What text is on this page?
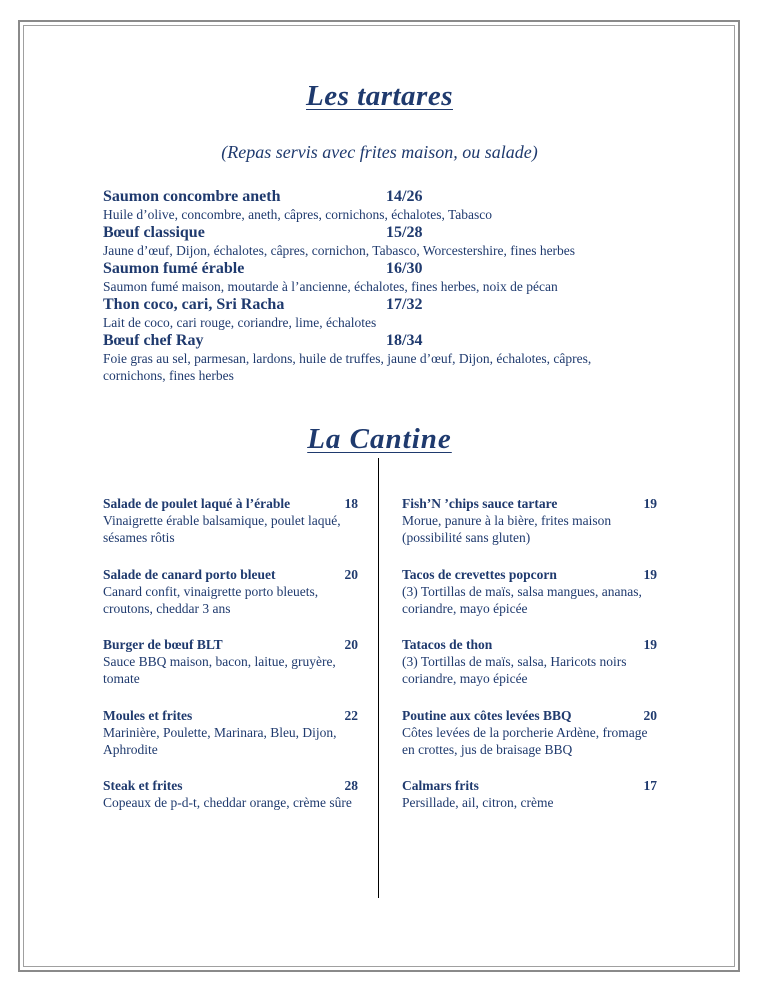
Les tartares
(Repas servis avec frites maison, ou salade)
Saumon concombre aneth	14/26
Huile d’olive, concombre, aneth, câpres, cornichons, échalotes, Tabasco
Bœuf classique	15/28
Jaune d’œuf, Dijon, échalotes, câpres, cornichon, Tabasco, Worcestershire, fines herbes
Saumon fumé érable	16/30
Saumon fumé maison, moutarde à l’ancienne, échalotes, fines herbes, noix de pécan
Thon coco, cari, Sri Racha	17/32
Lait de coco, cari rouge, coriandre, lime, échalotes
Bœuf chef Ray	18/34
Foie gras au sel, parmesan, lardons, huile de truffes, jaune d’œuf, Dijon, échalotes, câpres, cornichons, fines herbes
La Cantine
Salade de poulet laqué à l’érable	18
Vinaigrette érable balsamique, poulet laqué, sésames rôtis
Salade de canard porto bleuet	20
Canard confit, vinaigrette porto bleuets, croutons, cheddar 3 ans
Burger de bœuf BLT	20
Sauce BBQ maison, bacon, laitue, gruyère, tomate
Moules et frites	22
Marinière, Poulette, Marinara, Bleu, Dijon, Aphrodite
Steak et frites	28
Copeaux de p-d-t, cheddar orange, crème sûre
Fish’N ’chips sauce tartare	19
Morue, panure à la bière, frites maison (possibilité sans gluten)
Tacos de crevettes popcorn	19
(3) Tortillas de maïs, salsa mangues, ananas, coriandre, mayo épicée
Tatacos de thon	19
(3) Tortillas de maïs, salsa, Haricots noirs coriandre, mayo épicée
Poutine aux côtes levées BBQ	20
Côtes levées de la porcherie Ardène, fromage en crottes, jus de braisage BBQ
Calmars frits	17
Persillade, ail, citron, crème
